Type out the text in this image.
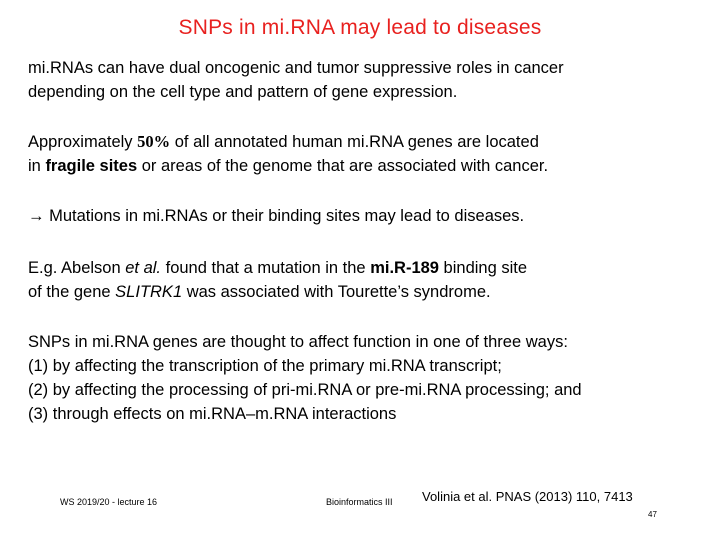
SNPs in mi.RNA may lead to diseases

mi.RNAs can have dual oncogenic and tumor suppressive roles in cancer
depending on the cell type and pattern of gene expression.

Approximately 50% of all annotated human mi.RNA genes are located
in fragile sites or areas of the genome that are associated with cancer.

→ Mutations in mi.RNAs or their binding sites may lead to diseases.

E.g. Abelson et al. found that a mutation in the mi.R-189 binding site
of the gene SLITRK1 was associated with Tourette’s syndrome.

SNPs in mi.RNA genes are thought to affect function in one of three ways:
(1) by affecting the transcription of the primary mi.RNA transcript;
(2) by affecting the processing of pri-mi.RNA or pre-mi.RNA processing; and
(3) through effects on mi.RNA–m.RNA interactions

WS 2019/20 - lecture 16	Bioinformatics III Volinia et al. PNAS (2013) 110, 7413
47
